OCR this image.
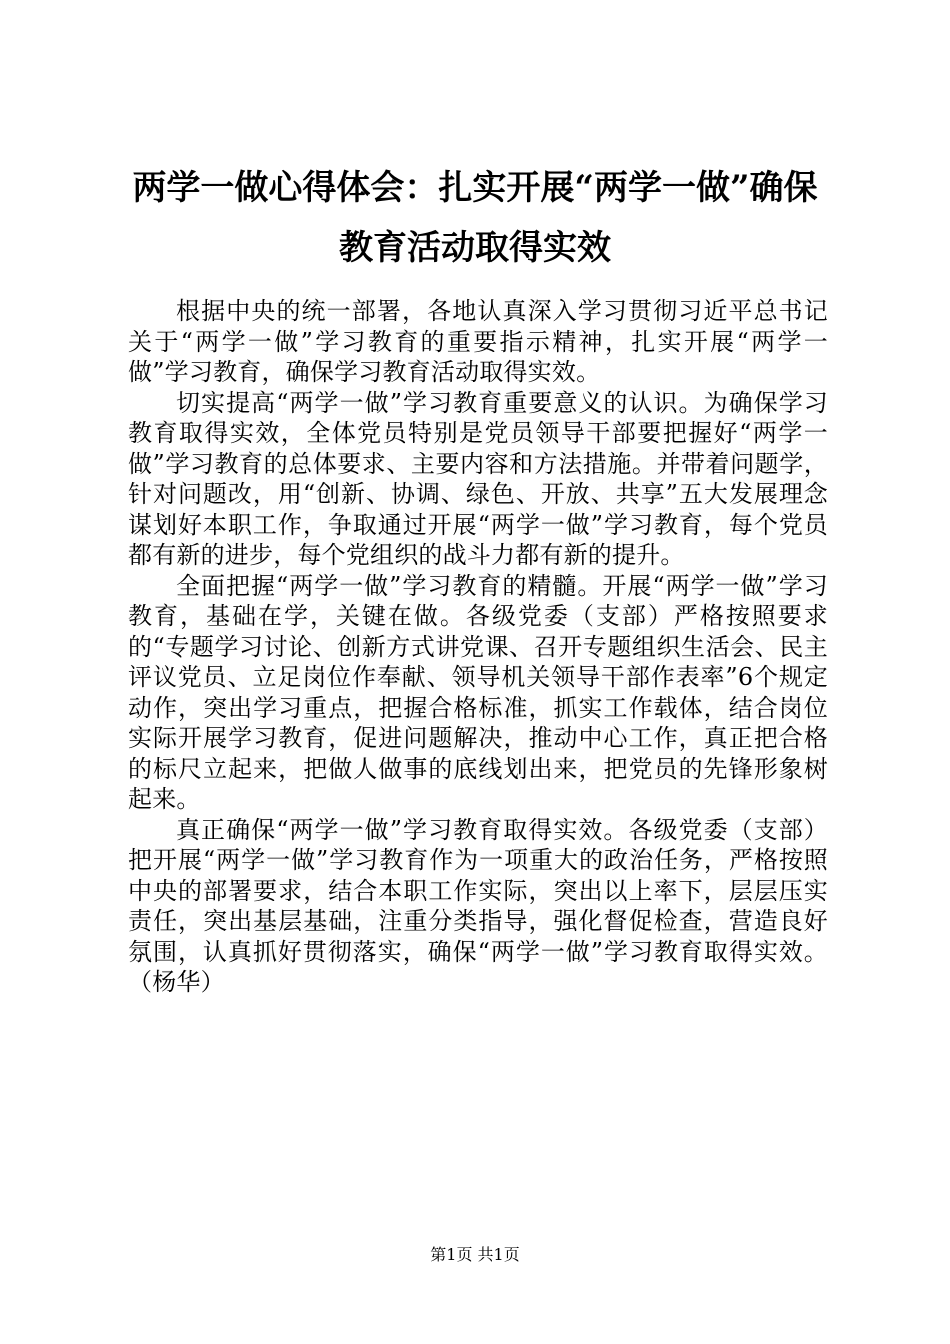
两学一做心得体会：扎实开展“两学一做”确保教育活动取得实效

根据中央的统一部署，各地认真深入学习贯彻习近平总书记关于“两学一做”学习教育的重要指示精神，扎实开展“两学一做”学习教育，确保学习教育活动取得实效。

切实提高“两学一做”学习教育重要意义的认识。为确保学习教育取得实效，全体党员特别是党员领导干部要把握好“两学一做”学习教育的总体要求、主要内容和方法措施。并带着问题学，针对问题改，用“创新、协调、绿色、开放、共享”五大发展理念谋划好本职工作，争取通过开展“两学一做”学习教育，每个党员都有新的进步，每个党组织的战斗力都有新的提升。

全面把握“两学一做”学习教育的精髓。开展“两学一做”学习教育，基础在学，关键在做。各级党委（支部）严格按照要求的“专题学习讨论、创新方式讲党课、召开专题组织生活会、民主评议党员、立足岗位作奉献、领导机关领导干部作表率”6个规定动作，突出学习重点，把握合格标准，抓实工作载体，结合岗位实际开展学习教育，促进问题解决，推动中心工作，真正把合格的标尺立起来，把做人做事的底线划出来，把党员的先锋形象树起来。

真正确保“两学一做”学习教育取得实效。各级党委（支部）把开展“两学一做”学习教育作为一项重大的政治任务，严格按照中央的部署要求，结合本职工作实际，突出以上率下，层层压实责任，突出基层基础，注重分类指导，强化督促检查，营造良好氛围，认真抓好贯彻落实，确保“两学一做”学习教育取得实效。（杨华）

第1页 共1页
